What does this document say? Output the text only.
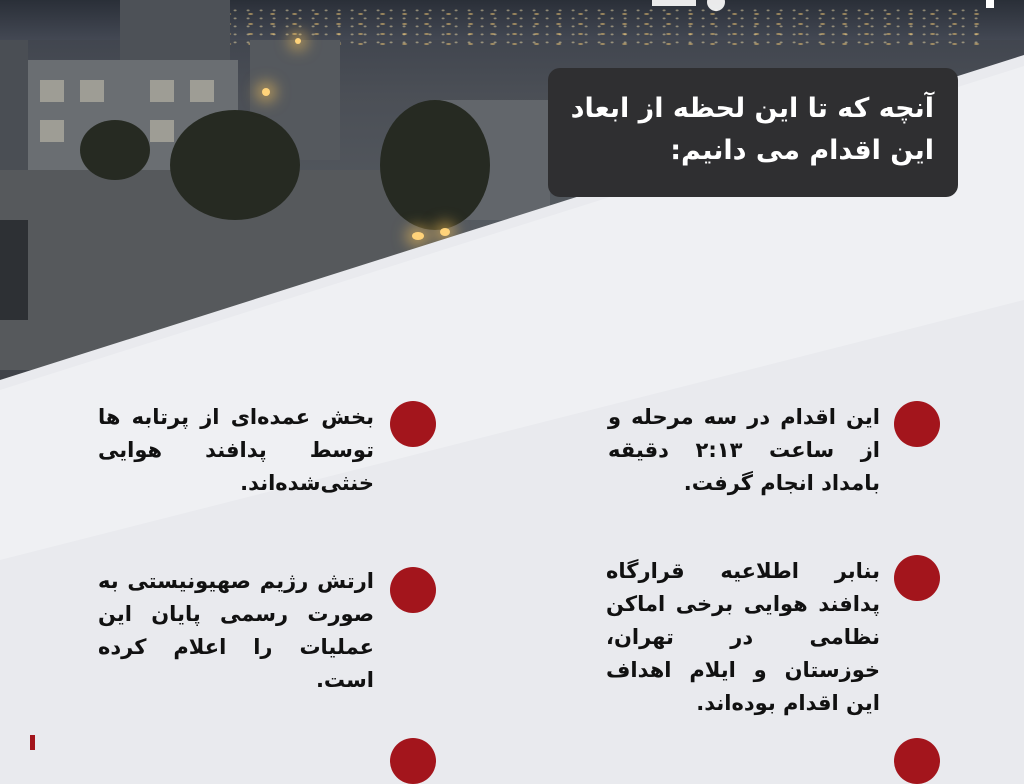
آنچه که تا این لحظه از ابعاد
این اقدام می دانیم:
این اقدام در سه مرحله و از ساعت ۲:۱۳ دقیقه بامداد انجام گرفت.
بخش عمده‌ای از پرتابه ها توسط پدافند هوایی خنثی‌شده‌اند.
بنابر اطلاعیه قرارگاه پدافند هوایی برخی اماکن نظامی در تهران، خوزستان و ایلام اهداف این اقدام بوده‌اند.
ارتش رژیم صهیونیستی به صورت رسمی پایان این عملیات را اعلام کرده است.
